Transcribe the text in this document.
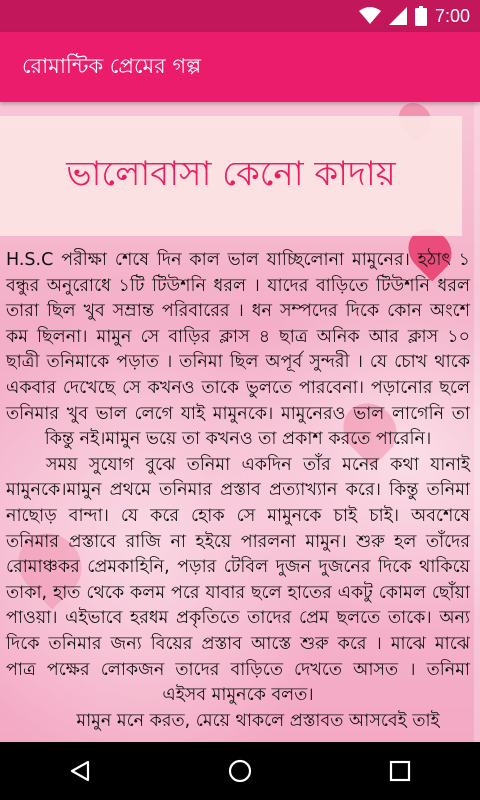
7:00
রোমান্টিক প্রেমের গল্প
ভালোবাসা কেনো কাদায়

H.S.C পরীক্ষা শেষে দিন কাল ভাল যাচ্ছিলোনা মামুনের। হঠাৎ ১ বন্ধুর অনুরোধে ১টি টিউশনি ধরল । যাদের বাড়িতে টিউশনি ধরল তারা ছিল খুব সম্রান্ত পরিবারের । ধন সম্পদের দিকে কোন অংশে কম ছিলনা। মামুন সে বাড়ির ক্লাস ৪ ছাত্র অনিক আর ক্লাস ১০ ছাত্রী তনিমাকে পড়াত । তনিমা ছিল অপূর্ব সুন্দরী । যে চোখ থাকে একবার দেখেছে সে কখনও তাকে ভুলতে পারবেনা। পড়ানোর ছলে তনিমার খুব ভাল লেগে যাই মামুনকে। মামুনেরও ভাল লাগেনি তা কিন্তু নই।মামুন ভয়ে তা কখনও তা প্রকাশ করতে পারেনি।

সময় সুযোগ বুঝে তনিমা একদিন তাঁর মনের কথা যানাই মামুনকে।মামুন প্রথমে তনিমার প্রস্তাব প্রত্যাখ্যান করে। কিন্তু তনিমা নাছোড় বান্দা। যে করে হোক সে মামুনকে চাই চাই। অবশেষে তনিমার প্রস্তাবে রাজি না হইয়ে পারলনা মামুন। শুরু হল তাঁদের রোমাঞ্চকর প্রেমকাহিনি, পড়ার টেবিল দুজন দুজনের দিকে থাকিয়ে তাকা, হাত থেকে কলম পরে যাবার ছলে হাতের একটু কোমল ছোঁয়া পাওয়া। এইভাবে হরধম প্রকৃতিতে তাদের প্রেম ছলতে তাকে। অন্য দিকে তনিমার জন্য বিয়ের প্রস্তাব আস্তে শুরু করে । মাঝে মাঝে পাত্র পক্ষের লোকজন তাদের বাড়িতে দেখতে আসত । তনিমা এইসব মামুনকে বলত।

মামুন মনে করত, মেয়ে থাকলে প্রস্তাবত আসবেই তাই
